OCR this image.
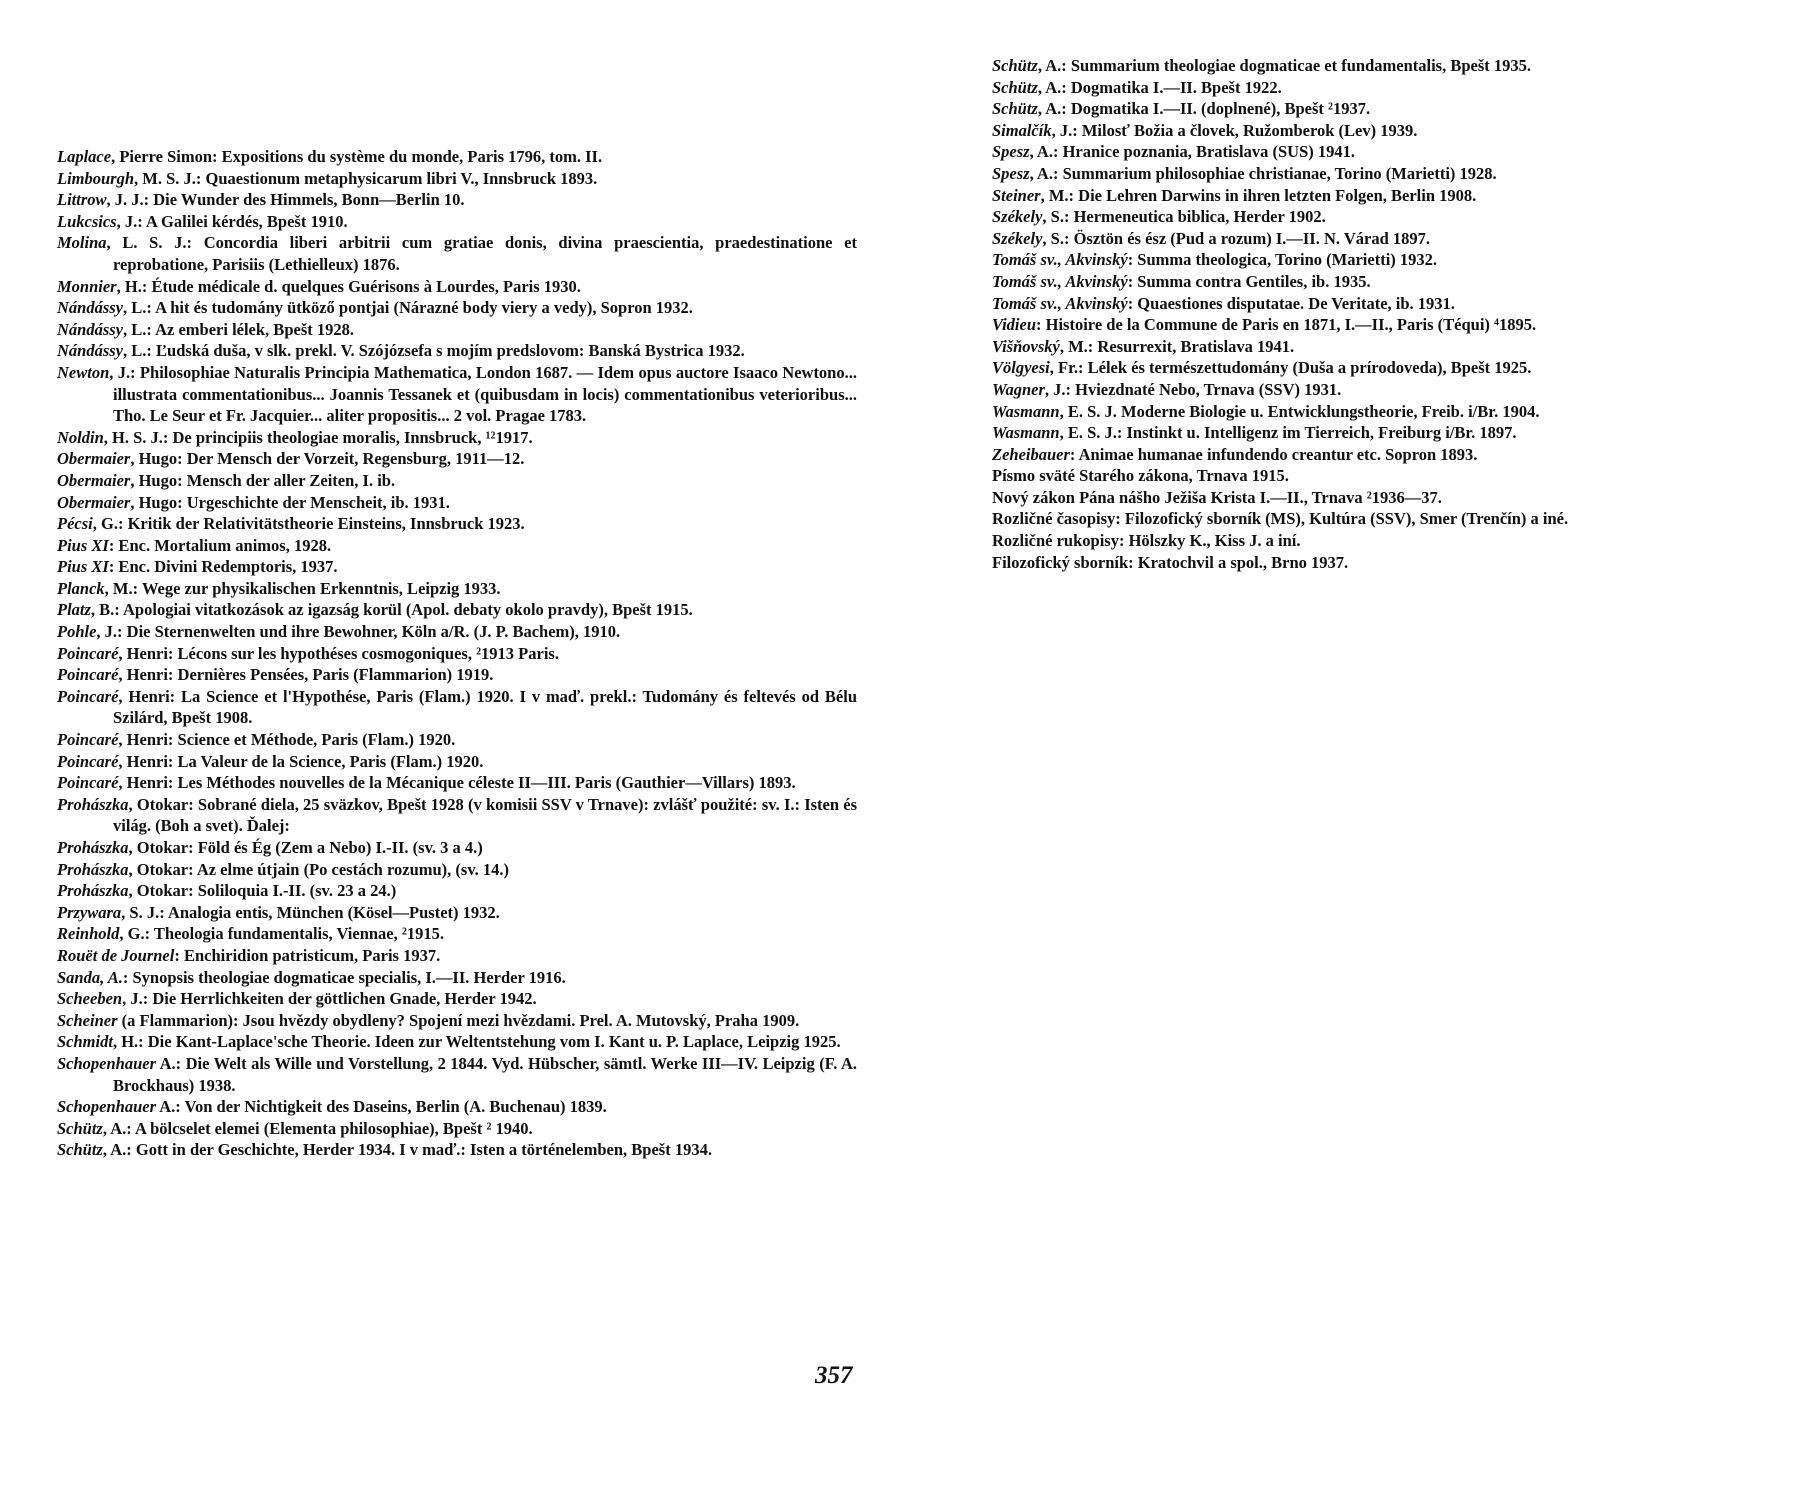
Laplace, Pierre Simon: Expositions du système du monde, Paris 1796, tom. II.
Limbourgh, M. S. J.: Quaestionum metaphysicarum libri V., Innsbruck 1893.
Littrow, J. J.: Die Wunder des Himmels, Bonn—Berlin 10.
Lukcsics, J.: A Galilei kérdés, Bpešt 1910.
Molina, L. S. J.: Concordia liberi arbitrii cum gratiae donis, divina praescientia, praedestinatione et reprobatione, Parisiis (Lethielleux) 1876.
Monnier, H.: Étude médicale d. quelques Guérisons à Lourdes, Paris 1930.
Nándássy, L.: A hit és tudomány ütköző pontjai (Nárazné body viery a vedy), Sopron 1932.
Nándássy, L.: Az emberi lélek, Bpešt 1928.
Nándássy, L.: Ľudská duša, v slk. prekl. V. Szójózsefa s mojím predslovom: Banská Bystrica 1932.
Newton, J.: Philosophiae Naturalis Principia Mathematica, London 1687. — Idem opus auctore Isaaco Newtono... illustrata commentationibus... Joannis Tessanek et (quibusdam in locis) commentationibus veterioribus... Tho. Le Seur et Fr. Jacquier... aliter propositis... 2 vol. Pragae 1783.
Noldin, H. S. J.: De principiis theologiae moralis, Innsbruck, ¹²1917.
Obermaier, Hugo: Der Mensch der Vorzeit, Regensburg, 1911—12.
Obermaier, Hugo: Mensch der aller Zeiten, I. ib.
Obermaier, Hugo: Urgeschichte der Menscheit, ib. 1931.
Pécsi, G.: Kritik der Relativitätstheorie Einsteins, Innsbruck 1923.
Pius XI: Enc. Mortalium animos, 1928.
Pius XI: Enc. Divini Redemptoris, 1937.
Planck, M.: Wege zur physikalischen Erkenntnis, Leipzig 1933.
Platz, B.: Apologiai vitatkozások az igazság korül (Apol. debaty okolo pravdy), Bpešt 1915.
Pohle, J.: Die Sternenwelten und ihre Bewohner, Köln a/R. (J. P. Bachem), 1910.
Poincaré, Henri: Lécons sur les hypothéses cosmogoniques, ²1913 Paris.
Poincaré, Henri: Dernières Pensées, Paris (Flammarion) 1919.
Poincaré, Henri: La Science et l'Hypothése, Paris (Flam.) 1920. I v maď. prekl.: Tudomány és feltevés od Bélu Szilárd, Bpešt 1908.
Poincaré, Henri: Science et Méthode, Paris (Flam.) 1920.
Poincaré, Henri: La Valeur de la Science, Paris (Flam.) 1920.
Poincaré, Henri: Les Méthodes nouvelles de la Mécanique céleste II—III. Paris (Gauthier—Villars) 1893.
Prohászka, Otokar: Sobrané diela, 25 sväzkov, Bpešt 1928 (v komisii SSV v Trnave): zvlášť použité: sv. I.: Isten és világ. (Boh a svet). Ďalej:
Prohászka, Otokar: Föld és Ég (Zem a Nebo) I.-II. (sv. 3 a 4.)
Prohászka, Otokar: Az elme útjain (Po cestách rozumu), (sv. 14.)
Prohászka, Otokar: Soliloquia I.-II. (sv. 23 a 24.)
Przywara, S. J.: Analogia entis, München (Kösel—Pustet) 1932.
Reinhold, G.: Theologia fundamentalis, Viennae, ²1915.
Rouët de Journel: Enchiridion patristicum, Paris 1937.
Sanda, A.: Synopsis theologiae dogmaticae specialis, I.—II. Herder 1916.
Scheeben, J.: Die Herrlichkeiten der göttlichen Gnade, Herder 1942.
Scheiner (a Flammarion): Jsou hvězdy obydleny? Spojení mezi hvězdami. Prel. A. Mutovský, Praha 1909.
Schmidt, H.: Die Kant-Laplace'sche Theorie. Ideen zur Weltentstehung vom I. Kant u. P. Laplace, Leipzig 1925.
Schopenhauer A.: Die Welt als Wille und Vorstellung, 2 1844. Vyd. Hübscher, sämtl. Werke III—IV. Leipzig (F. A. Brockhaus) 1938.
Schopenhauer A.: Von der Nichtigkeit des Daseins, Berlin (A. Buchenau) 1839.
Schütz, A.: A bölcselet elemei (Elementa philosophiae), Bpešt ² 1940.
Schütz, A.: Gott in der Geschichte, Herder 1934. I v maď.: Isten a történelemben, Bpešt 1934.
Schütz, A.: Summarium theologiae dogmaticae et fundamentalis, Bpešt 1935.
Schütz, A.: Dogmatika I.—II. Bpešt 1922.
Schütz, A.: Dogmatika I.—II. (doplnené), Bpešt ²1937.
Simalčík, J.: Milosť Božia a človek, Ružomberok (Lev) 1939.
Spesz, A.: Hranice poznania, Bratislava (SUS) 1941.
Spesz, A.: Summarium philosophiae christianae, Torino (Marietti) 1928.
Steiner, M.: Die Lehren Darwins in ihren letzten Folgen, Berlin 1908.
Székely, S.: Hermeneutica biblica, Herder 1902.
Székely, S.: Ösztön és ész (Pud a rozum) I.—II. N. Várad 1897.
Tomáš sv., Akvinský: Summa theologica, Torino (Marietti) 1932.
Tomáš sv., Akvinský: Summa contra Gentiles, ib. 1935.
Tomáš sv., Akvinský: Quaestiones disputatae. De Veritate, ib. 1931.
Vidieu: Histoire de la Commune de Paris en 1871, I.—II., Paris (Téqui) ⁴1895.
Višňovský, M.: Resurrexit, Bratislava 1941.
Völgyesi, Fr.: Lélek és természettudomány (Duša a prírodoveda), Bpešt 1925.
Wagner, J.: Hviezdnaté Nebo, Trnava (SSV) 1931.
Wasmann, E. S. J. Moderne Biologie u. Entwicklungstheorie, Freib. i/Br. 1904.
Wasmann, E. S. J.: Instinkt u. Intelligenz im Tierreich, Freiburg i/Br. 1897.
Zeheibauer: Animae humanae infundendo creantur etc. Sopron 1893.
Písmo sväté Starého zákona, Trnava 1915.
Nový zákon Pána nášho Ježiša Krista I.—II., Trnava ²1936—37.
Rozličné časopisy: Filozofický sborník (MS), Kultúra (SSV), Smer (Trenčín) a iné.
Rozličné rukopisy: Hölszky K., Kiss J. a iní.
Filozofický sborník: Kratochvil a spol., Brno 1937.
357
